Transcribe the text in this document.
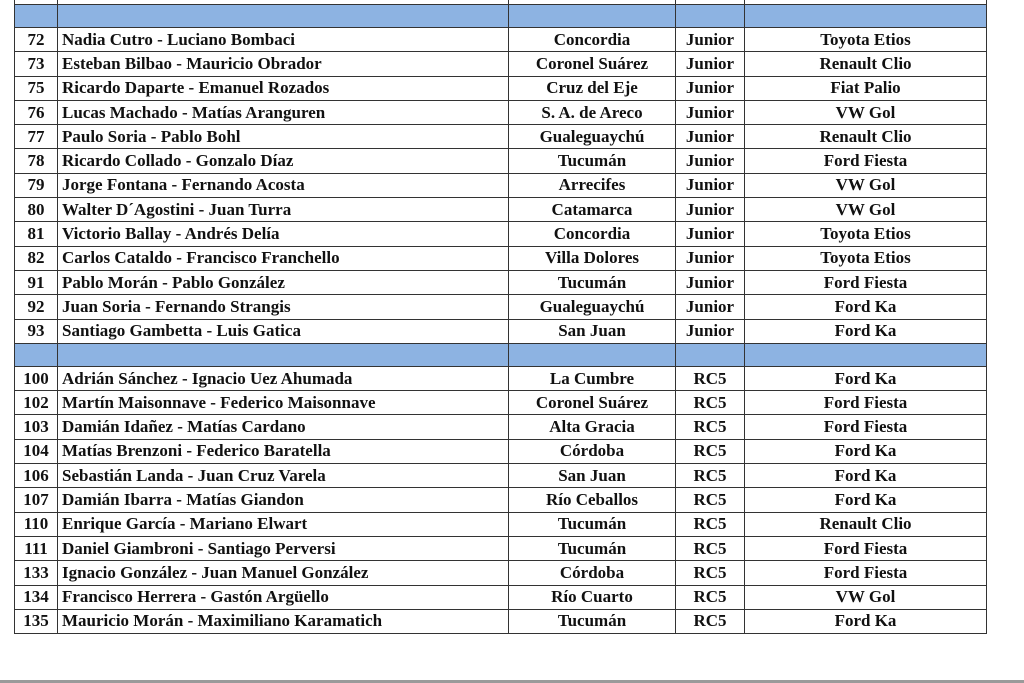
72	Nadia Cutro - Luciano Bombaci	Concordia	Junior	Toyota Etios
73	Esteban Bilbao - Mauricio Obrador	Coronel Suárez	Junior	Renault Clio
75	Ricardo Daparte - Emanuel Rozados	Cruz del Eje	Junior	Fiat Palio
76	Lucas Machado - Matías Aranguren	S. A. de Areco	Junior	VW Gol
77	Paulo Soria - Pablo Bohl	Gualeguaychú	Junior	Renault Clio
78	Ricardo Collado - Gonzalo Díaz	Tucumán	Junior	Ford Fiesta
79	Jorge Fontana - Fernando Acosta	Arrecifes	Junior	VW Gol
80	Walter D´Agostini - Juan Turra	Catamarca	Junior	VW Gol
81	Victorio Ballay - Andrés Delía	Concordia	Junior	Toyota Etios
82	Carlos Cataldo - Francisco Franchello	Villa Dolores	Junior	Toyota Etios
91	Pablo Morán - Pablo González	Tucumán	Junior	Ford Fiesta
92	Juan Soria - Fernando Strangis	Gualeguaychú	Junior	Ford Ka
93	Santiago Gambetta - Luis Gatica	San Juan	Junior	Ford Ka

100	Adrián Sánchez - Ignacio Uez Ahumada	La Cumbre	RC5	Ford Ka
102	Martín Maisonnave - Federico Maisonnave	Coronel Suárez	RC5	Ford Fiesta
103	Damián Idañez - Matías Cardano	Alta Gracia	RC5	Ford Fiesta
104	Matías Brenzoni - Federico Baratella	Córdoba	RC5	Ford Ka
106	Sebastián Landa - Juan Cruz Varela	San Juan	RC5	Ford Ka
107	Damián Ibarra - Matías Giandon	Río Ceballos	RC5	Ford Ka
110	Enrique García - Mariano Elwart	Tucumán	RC5	Renault Clio
111	Daniel Giambroni - Santiago Perversi	Tucumán	RC5	Ford Fiesta
133	Ignacio González - Juan Manuel González	Córdoba	RC5	Ford Fiesta
134	Francisco Herrera - Gastón Argüello	Río Cuarto	RC5	VW Gol
135	Mauricio Morán - Maximiliano Karamatich	Tucumán	RC5	Ford Ka
